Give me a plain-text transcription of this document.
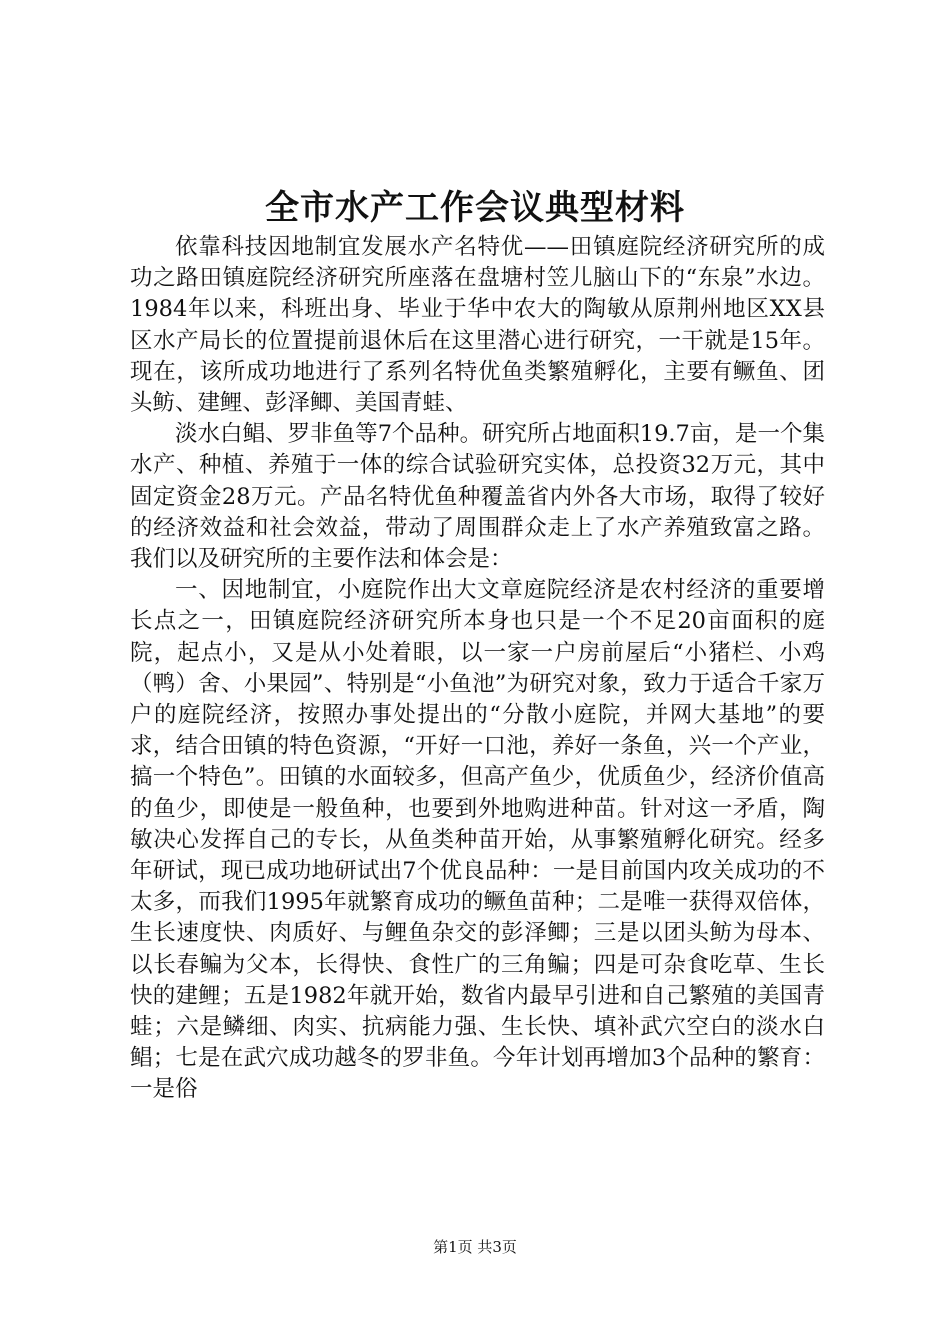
全市水产工作会议典型材料

依靠科技因地制宜发展水产名特优——田镇庭院经济研究所的成功之路田镇庭院经济研究所座落在盘塘村笠儿脑山下的“东泉”水边。1984年以来，科班出身、毕业于华中农大的陶敏从原荆州地区XX县区水产局长的位置提前退休后在这里潜心进行研究，一干就是15年。现在，该所成功地进行了系列名特优鱼类繁殖孵化，主要有鳜鱼、团头鲂、建鲤、彭泽鲫、美国青蛙、

淡水白鲳、罗非鱼等7个品种。研究所占地面积19.7亩，是一个集水产、种植、养殖于一体的综合试验研究实体，总投资32万元，其中固定资金28万元。产品名特优鱼种覆盖省内外各大市场，取得了较好的经济效益和社会效益，带动了周围群众走上了水产养殖致富之路。我们以及研究所的主要作法和体会是：

一、因地制宜，小庭院作出大文章庭院经济是农村经济的重要增长点之一，田镇庭院经济研究所本身也只是一个不足20亩面积的庭院，起点小，又是从小处着眼，以一家一户房前屋后“小猪栏、小鸡（鸭）舍、小果园”、特别是“小鱼池”为研究对象，致力于适合千家万户的庭院经济，按照办事处提出的“分散小庭院，并网大基地”的要求，结合田镇的特色资源，“开好一口池，养好一条鱼，兴一个产业，搞一个特色”。田镇的水面较多，但高产鱼少，优质鱼少，经济价值高的鱼少，即使是一般鱼种，也要到外地购进种苗。针对这一矛盾，陶敏决心发挥自己的专长，从鱼类种苗开始，从事繁殖孵化研究。经多年研试，现已成功地研试出7个优良品种：一是目前国内攻关成功的不太多，而我们1995年就繁育成功的鳜鱼苗种；二是唯一获得双倍体，生长速度快、肉质好、与鲤鱼杂交的彭泽鲫；三是以团头鲂为母本、以长春鳊为父本，长得快、食性广的三角鳊；四是可杂食吃草、生长快的建鲤；五是1982年就开始，数省内最早引进和自己繁殖的美国青蛙；六是鳞细、肉实、抗病能力强、生长快、填补武穴空白的淡水白鲳；七是在武穴成功越冬的罗非鱼。今年计划再增加3个品种的繁育：一是俗

第1页 共3页
